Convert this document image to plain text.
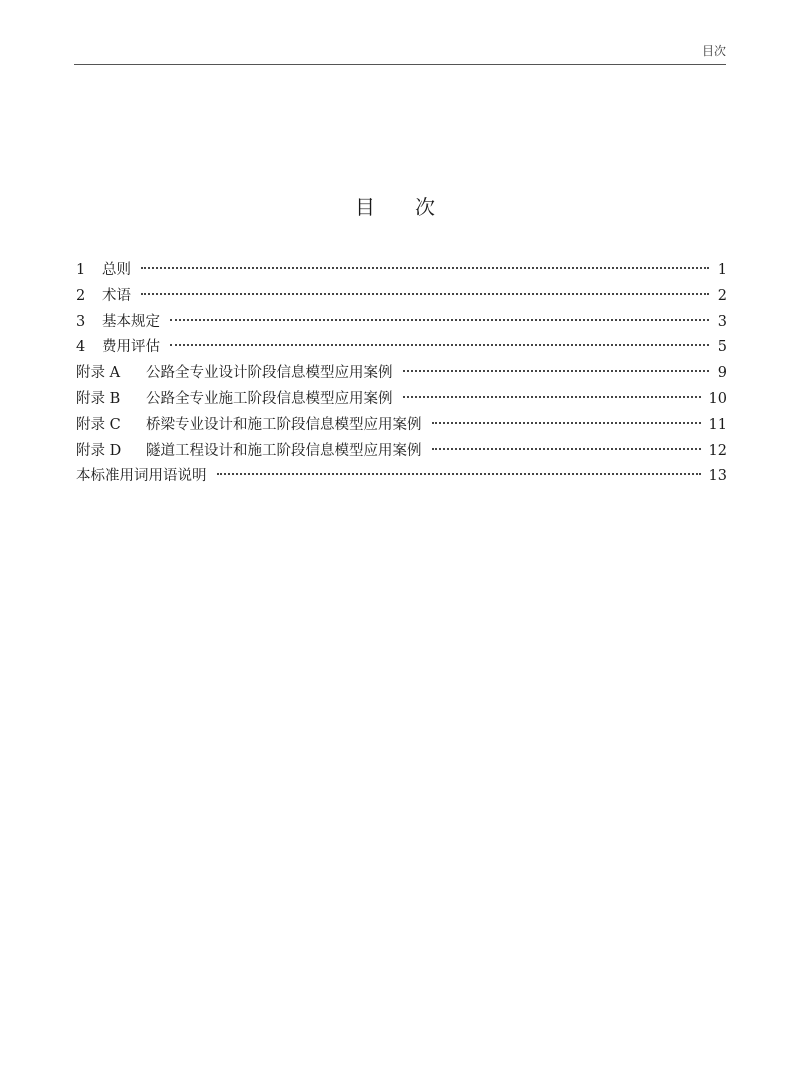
目次
目次
1	总则	1
2	术语	2
3	基本规定	3
4	费用评估	5
附录 A	公路全专业设计阶段信息模型应用案例	9
附录 B	公路全专业施工阶段信息模型应用案例	10
附录 C	桥梁专业设计和施工阶段信息模型应用案例	11
附录 D	隧道工程设计和施工阶段信息模型应用案例	12
本标准用词用语说明	13
